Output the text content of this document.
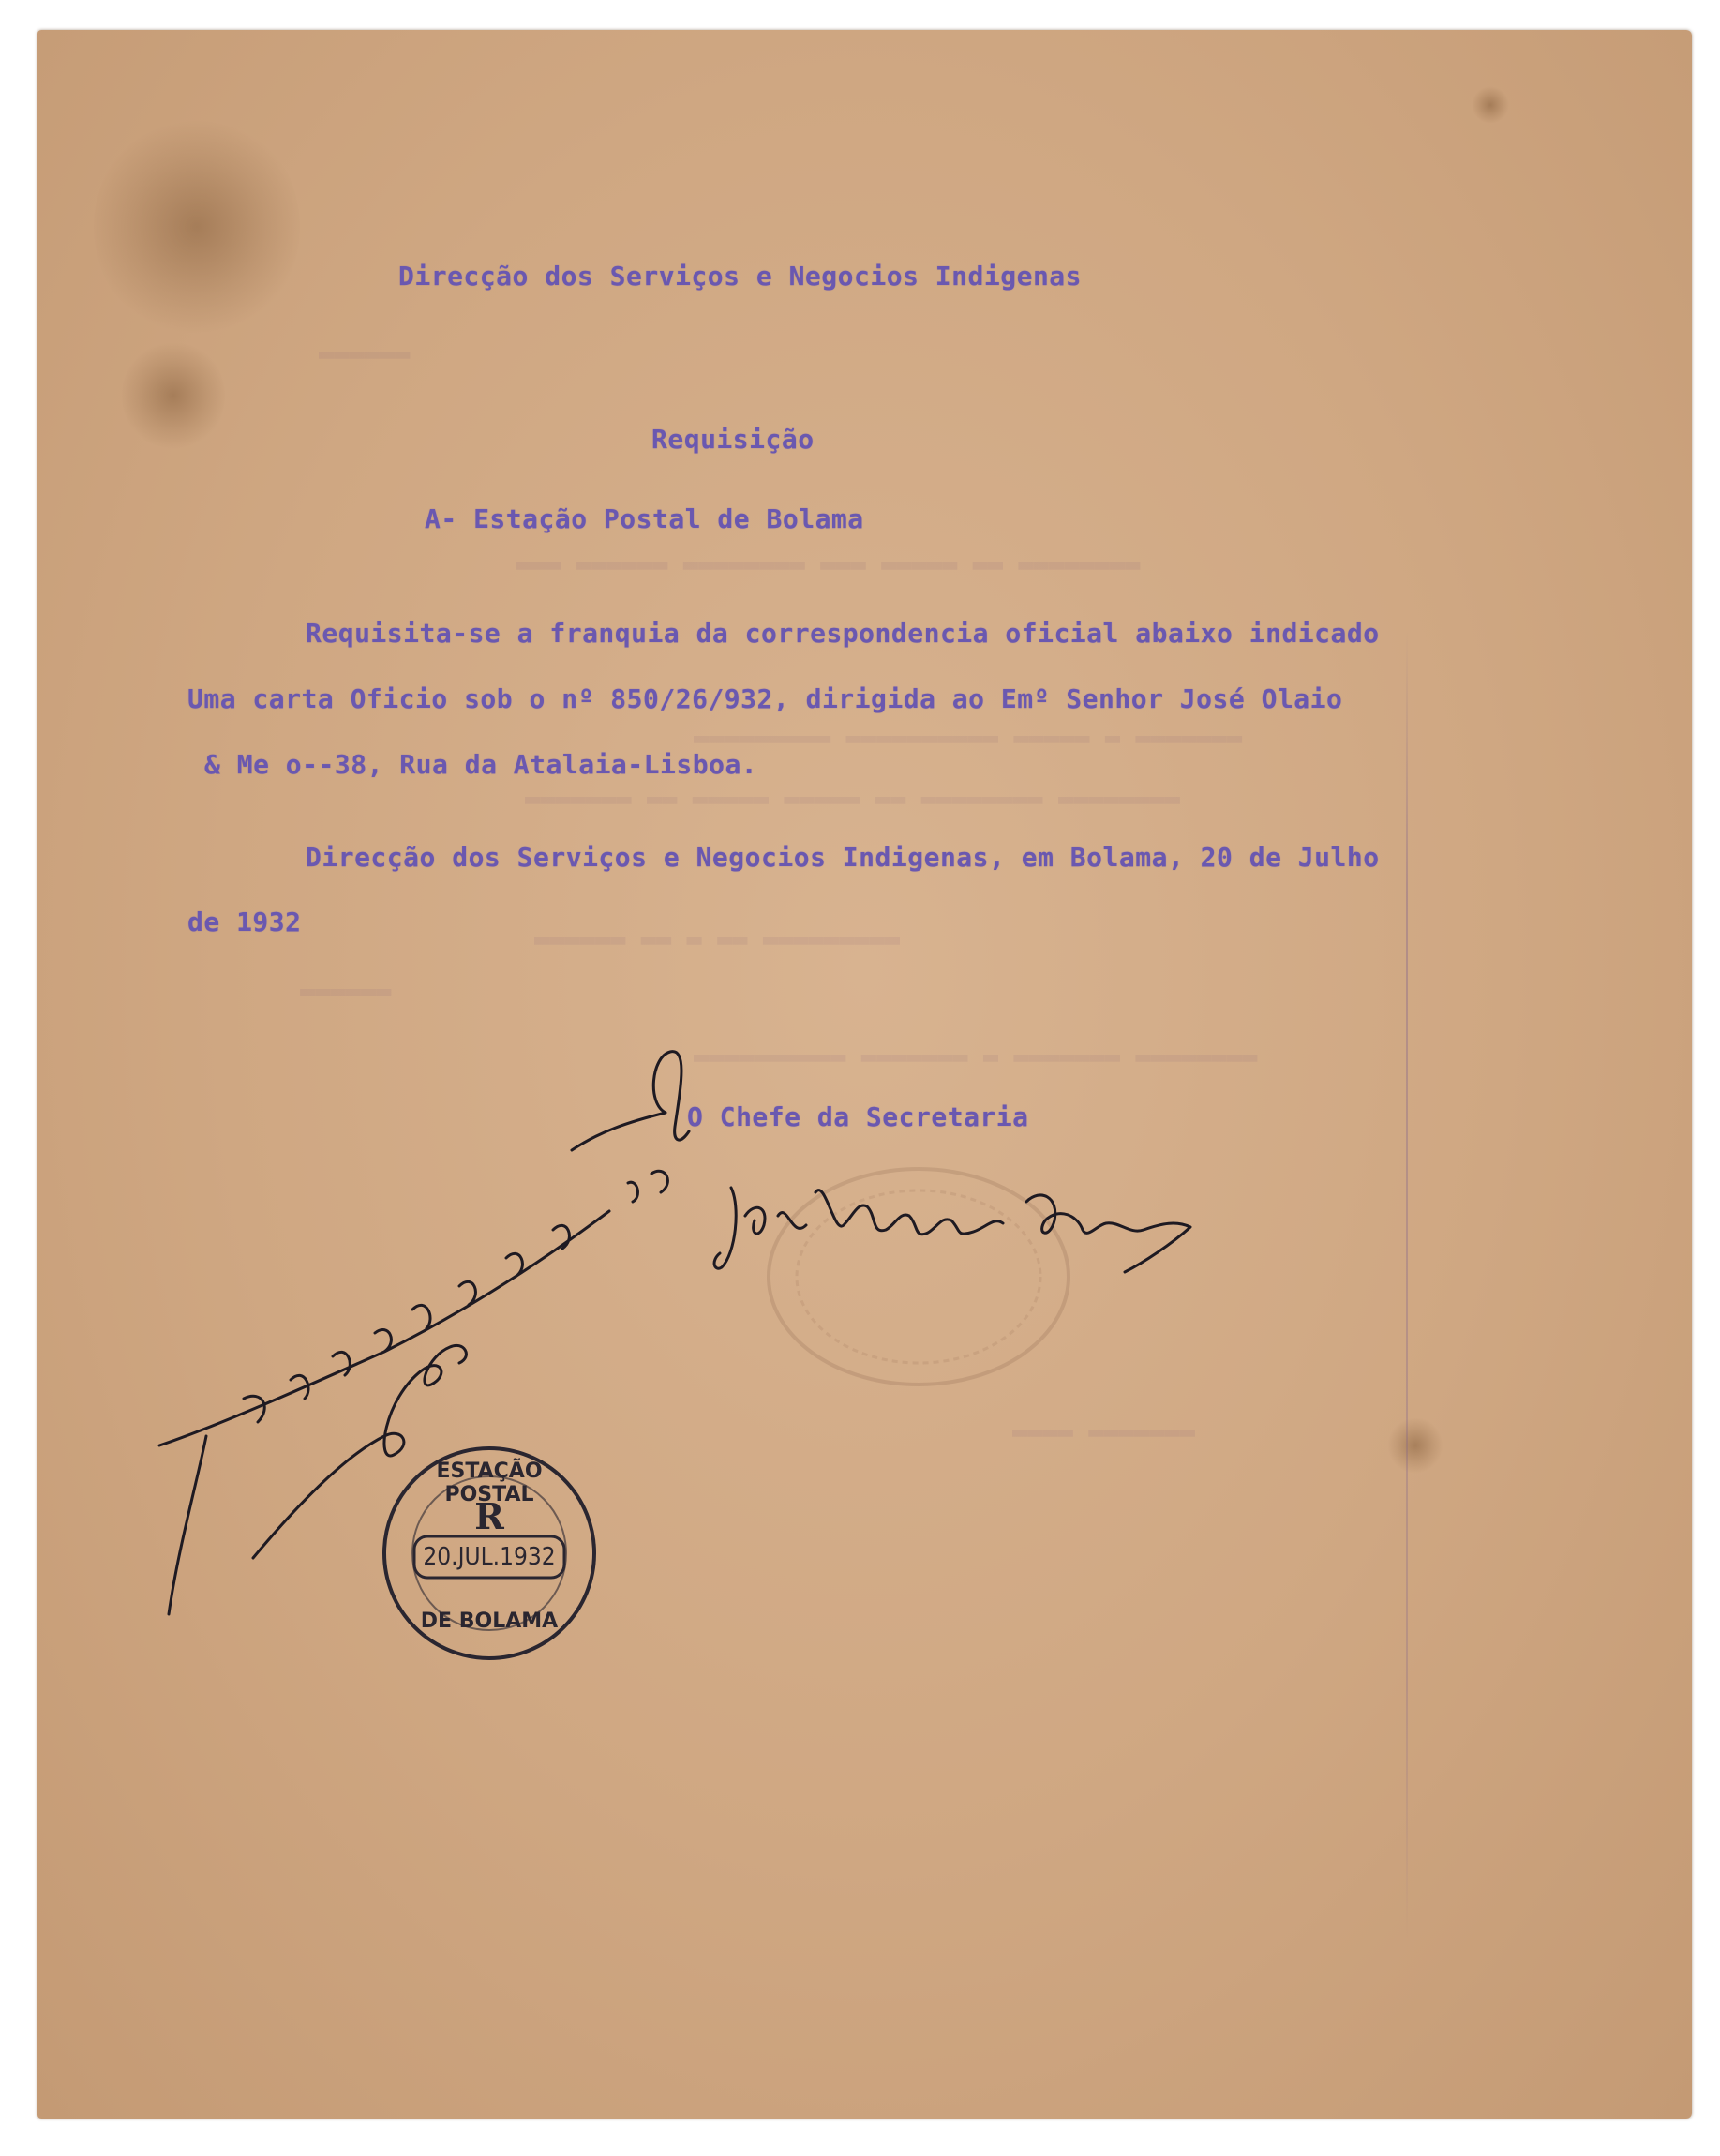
▬▬▬ ▬▬▬▬▬▬ ▬▬▬▬▬▬▬▬ ▬▬▬ ▬▬▬▬▬ ▬▬ ▬▬▬▬▬▬▬▬
▬▬▬▬▬▬▬▬▬ ▬▬▬▬▬▬▬▬▬▬ ▬▬▬▬▬ ▬ ▬▬▬▬▬▬▬
▬▬▬▬▬▬▬ ▬▬ ▬▬▬▬▬ ▬▬▬▬▬ ▬▬ ▬▬▬▬▬▬▬▬ ▬▬▬▬▬▬▬▬
▬▬▬▬▬▬ ▬▬ ▬ ▬▬ ▬▬▬▬▬▬▬▬▬
▬▬▬▬▬▬▬▬▬▬ ▬▬▬▬▬▬▬ ▬ ▬▬▬▬▬▬▬ ▬▬▬▬▬▬▬▬
▬▬▬▬ ▬▬▬▬▬▬▬
▬▬▬▬▬▬
▬▬▬▬▬▬
Direcção dos Serviços e Negocios Indigenas
Requisição
A- Estação Postal de Bolama
Requisita-se a franquia da correspondencia oficial abaixo indicado
Uma carta Oficio sob o nº 850/26/932, dirigida ao Emº Senhor José Olaio
& Me o--38, Rua da Atalaia-Lisboa.
Direcção dos Serviços e Negocios Indigenas, em Bolama, 20 de Julho
de 1932
O Chefe da Secretaria
ESTAÇÃO POSTAL
R
20.JUL.1932
DE BOLAMA
